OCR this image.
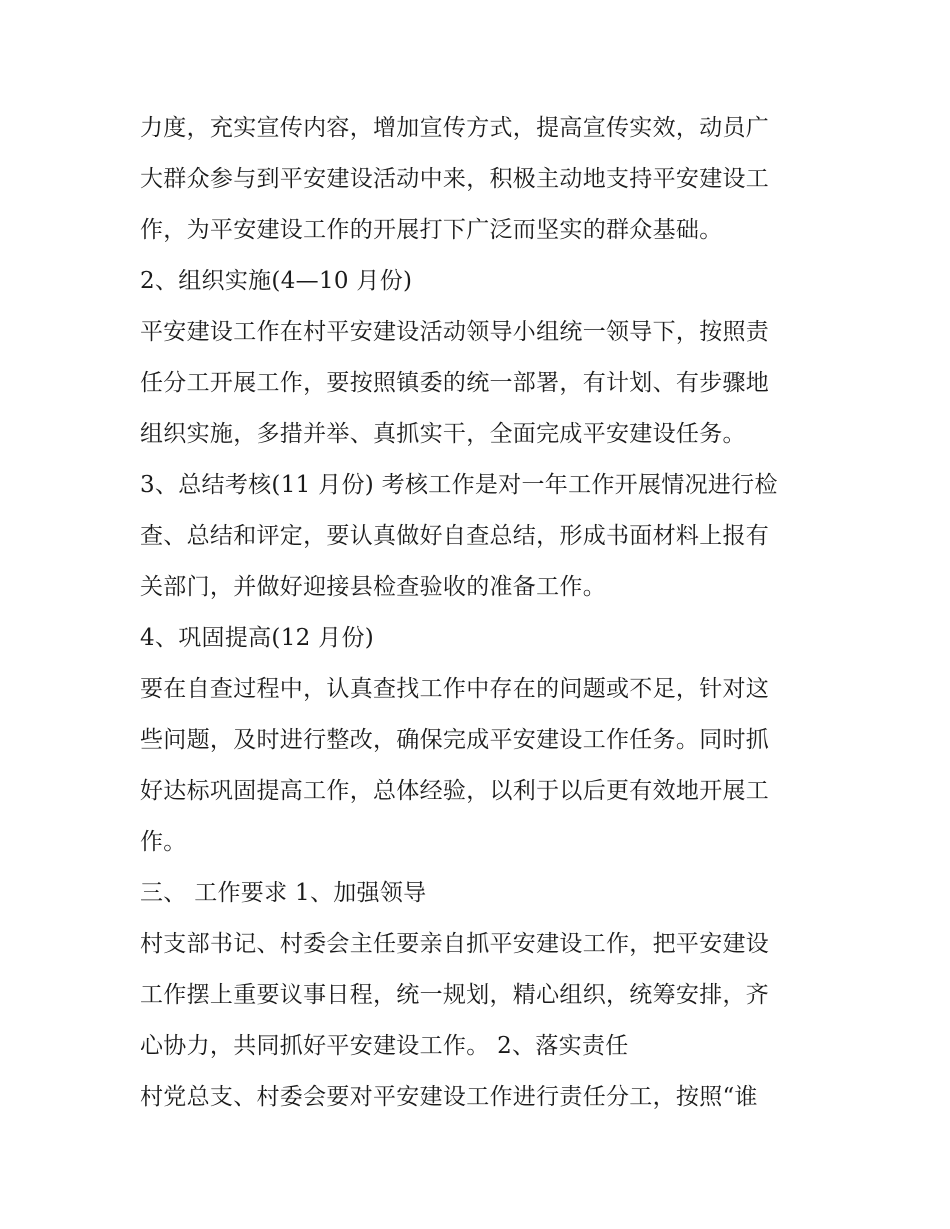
力度，充实宣传内容，增加宣传方式，提高宣传实效，动员广
大群众参与到平安建设活动中来，积极主动地支持平安建设工
作，为平安建设工作的开展打下广泛而坚实的群众基础。
2、组织实施(4—10 月份)
平安建设工作在村平安建设活动领导小组统一领导下，按照责
任分工开展工作，要按照镇委的统一部署，有计划、有步骤地
组织实施，多措并举、真抓实干，全面完成平安建设任务。
3、总结考核(11 月份) 考核工作是对一年工作开展情况进行检
查、总结和评定，要认真做好自查总结，形成书面材料上报有
关部门，并做好迎接县检查验收的准备工作。
4、巩固提高(12 月份)
要在自查过程中，认真查找工作中存在的问题或不足，针对这
些问题，及时进行整改，确保完成平安建设工作任务。同时抓
好达标巩固提高工作，总体经验，以利于以后更有效地开展工
作。
三、 工作要求 1、加强领导
村支部书记、村委会主任要亲自抓平安建设工作，把平安建设
工作摆上重要议事日程，统一规划，精心组织，统筹安排，齐
心协力，共同抓好平安建设工作。 2、落实责任
村党总支、村委会要对平安建设工作进行责任分工，按照“谁
